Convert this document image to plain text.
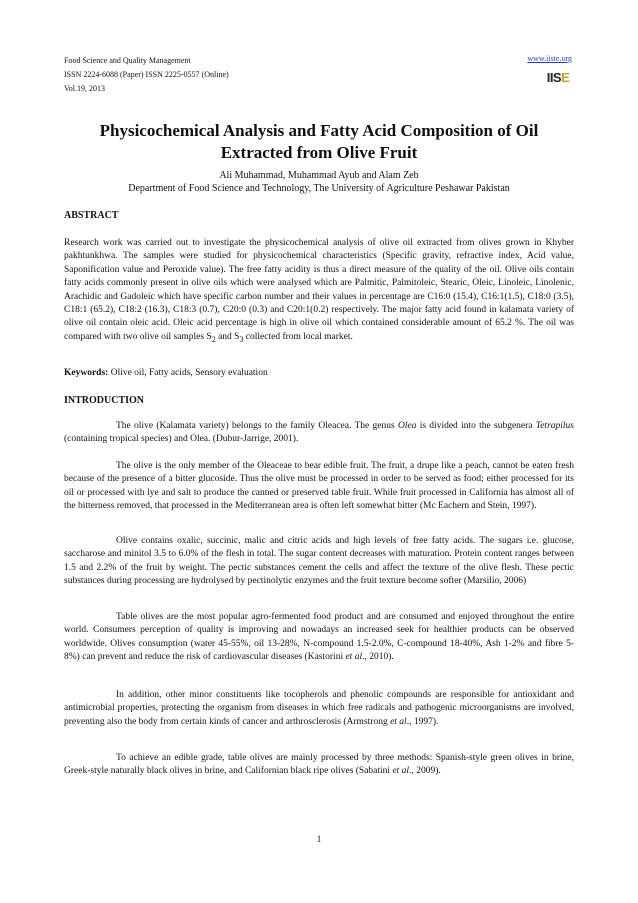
Food Science and Quality Management
ISSN 2224-6088 (Paper) ISSN 2225-0557 (Online)
Vol.19, 2013
www.iiste.org
IISE
Physicochemical Analysis and Fatty Acid Composition of Oil Extracted from Olive Fruit
Ali Muhammad, Muhammad Ayub and Alam Zeb
Department of Food Science and Technology, The University of Agriculture Peshawar Pakistan
ABSTRACT

Research work was carried out to investigate the physicochemical analysis of olive oil extracted from olives grown in Khyber pakhtunkhwa. The samples were studied for physicochemical characteristics (Specific gravity, refractive index, Acid value, Saponification value and Peroxide value). The free fatty acidity is thus a direct measure of the quality of the oil. Olive oils contain fatty acids commonly present in olive oils which were analysed which are Palmitic, Palmitoleic, Stearic, Oleic, Linoleic, Linolenic, Arachidic and Gadoleic which have specific carbon number and their values in percentage are C16:0 (15.4), C16:1(1.5), C18:0 (3.5), C18:1 (65.2), C18:2 (16.3), C18:3 (0.7), C20:0 (0.3) and C20:1(0.2) respectively. The major fatty acid found in kalamata variety of olive oil contain oleic acid. Oleic acid percentage is high in olive oil which contained considerable amount of 65.2 %. The oil was compared with two olive oil samples $S_2$ and $S_3$ collected from local market.

Keywords: Olive oil, Fatty acids, Sensory evaluation
INTRODUCTION

The olive (Kalamata variety) belongs to the family Oleacea. The genus Olea is divided into the subgenera Tetrapilus (containing tropical species) and Olea. (Dubur-Jarrige, 2001).

The olive is the only member of the Oleaceae to bear edible fruit. The fruit, a drupe like a peach, cannot be eaten fresh because of the presence of a bitter glucoside. Thus the olive must be processed in order to be served as food; either processed for its oil or processed with lye and salt to produce the canned or preserved table fruit. While fruit processed in California has almost all of the bitterness removed, that processed in the Mediterranean area is often left somewhat bitter (Mc Eachern and Stein, 1997).

Olive contains oxalic, succinic, malic and citric acids and high levels of free fatty acids. The sugars i.e. glucose, saccharose and minitol 3.5 to 6.0% of the flesh in total. The sugar content decreases with maturation. Protein content ranges between 1.5 and 2.2% of the fruit by weight. The pectic substances cement the cells and affect the texture of the olive flesh. These pectic substances during processing are hydrolysed by pectinolytic enzymes and the fruit texture become softer (Marsilio, 2006)

Table olives are the most popular agro-fermented food product and are consumed and enjoyed throughout the entire world. Consumers perception of quality is improving and nowadays an increased seek for healthier products can be observed worldwide. Olives consumption (water 45-55%, oil 13-28%, N-compound 1.5-2.0%, C-compound 18-40%, Ash 1-2% and fibre 5-8%) can prevent and reduce the risk of cardiovascular diseases (Kastorini et al., 2010).

In addition, other minor constituents like tocopherols and phenolic compounds are responsible for antioxidant and antimicrobial properties, protecting the organism from diseases in which free radicals and pathogenic microorganisms are involved, preventing also the body from certain kinds of cancer and arthrosclerosis (Armstrong et al., 1997).

To achieve an edible grade, table olives are mainly processed by three methods: Spanish-style green olives in brine, Greek-style naturally black olives in brine, and Californian black ripe olives (Sabatini et al., 2009).

1
